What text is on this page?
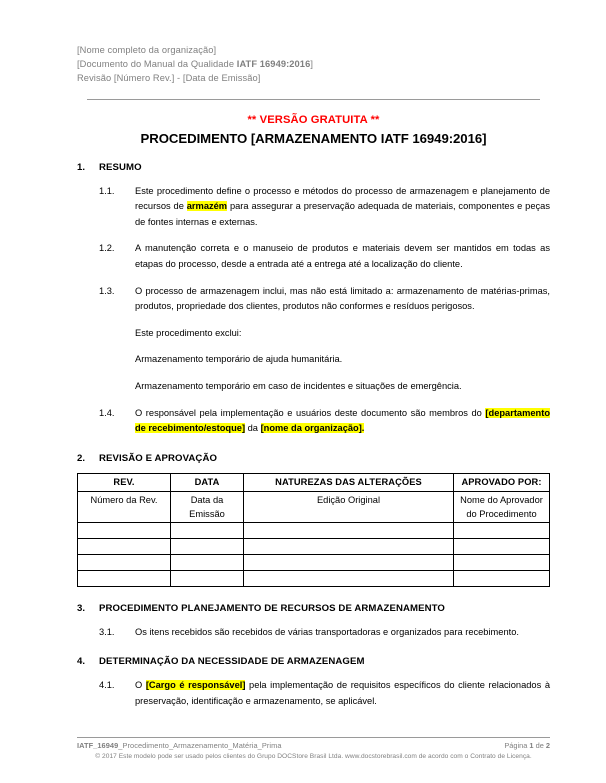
[Nome completo da organização]
[Documento do Manual da Qualidade IATF 16949:2016]
Revisão [Número Rev.] - [Data de Emissão]
** VERSÃO GRATUITA **
PROCEDIMENTO [ARMAZENAMENTO IATF 16949:2016]
1.	RESUMO
1.1.	Este procedimento define o processo e métodos do processo de armazenagem e planejamento de recursos de armazém para assegurar a preservação adequada de materiais, componentes e peças de fontes internas e externas.
1.2.	A manutenção correta e o manuseio de produtos e materiais devem ser mantidos em todas as etapas do processo, desde a entrada até a entrega até a localização do cliente.
1.3.	O processo de armazenagem inclui, mas não está limitado a: armazenamento de matérias-primas, produtos, propriedade dos clientes, produtos não conformes e resíduos perigosos.
Este procedimento exclui:
Armazenamento temporário de ajuda humanitária.
Armazenamento temporário em caso de incidentes e situações de emergência.
1.4.	O responsável pela implementação e usuários deste documento são membros do [departamento de recebimento/estoque] da [nome da organização].
2.	REVISÃO E APROVAÇÃO
REV.	DATA	NATUREZAS DAS ALTERAÇÕES	APROVADO POR:
Número da Rev.	Data da Emissão	Edição Original	Nome do Aprovador do Procedimento

3.	PROCEDIMENTO PLANEJAMENTO DE RECURSOS DE ARMAZENAMENTO
3.1.	Os itens recebidos são recebidos de várias transportadoras e organizados para recebimento.
4.	DETERMINAÇÃO DA NECESSIDADE DE ARMAZENAGEM
4.1.	O [Cargo é responsável] pela implementação de requisitos específicos do cliente relacionados à preservação, identificação e armazenamento, se aplicável.
IATF_16949_Procedimento_Armazenamento_Matéria_Prima	Página 1 de 2
© 2017 Este modelo pode ser usado pelos clientes do Grupo DOCStore Brasil Ltda. www.docstorebrasil.com de acordo com o Contrato de Licença.
